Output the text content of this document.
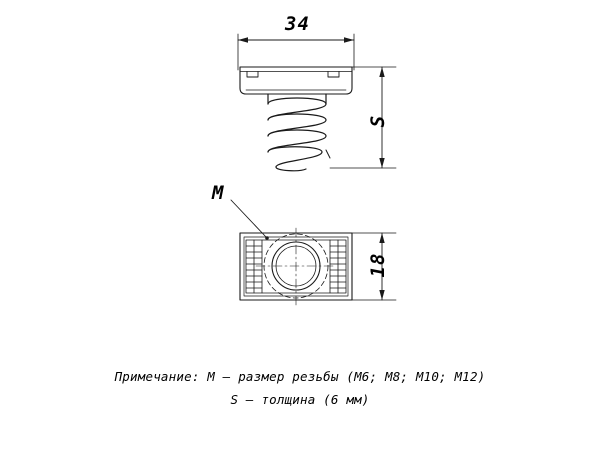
34
S
18
M
Примечание: M – размер резьбы (M6; M8; M10; M12)
S – толщина (6 мм)
